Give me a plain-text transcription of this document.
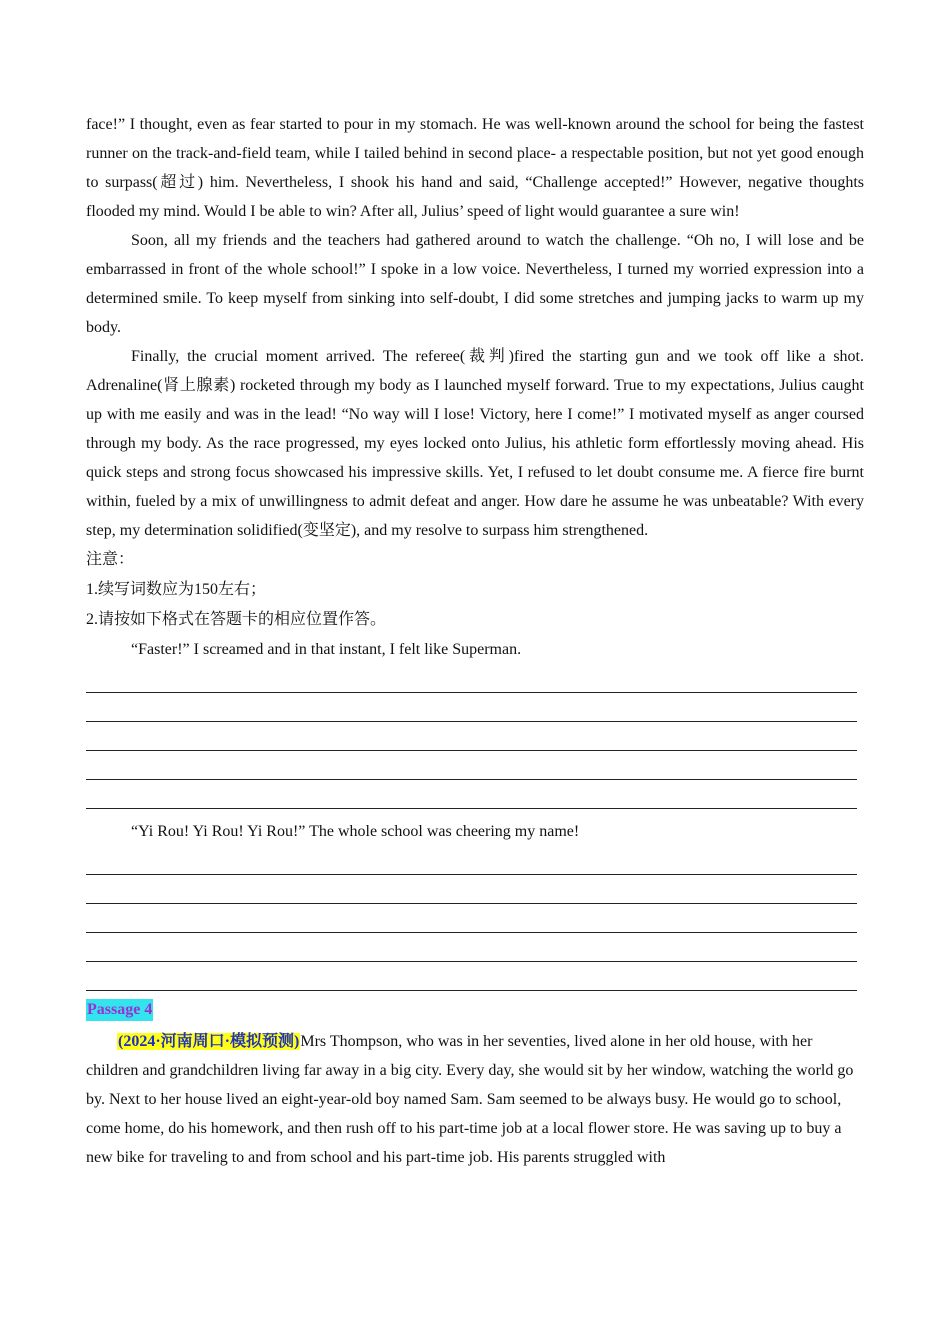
face!” I thought, even as fear started to pour in my stomach. He was well-known around the school for being the fastest runner on the track-and-field team, while I tailed behind in second place- a respectable position, but not yet good enough to surpass(超过) him. Nevertheless, I shook his hand and said, “Challenge accepted!” However, negative thoughts flooded my mind. Would I be able to win? After all, Julius’ speed of light would guarantee a sure win!

Soon, all my friends and the teachers had gathered around to watch the challenge. “Oh no, I will lose and be embarrassed in front of the whole school!” I spoke in a low voice. Nevertheless, I turned my worried expression into a determined smile. To keep myself from sinking into self-doubt, I did some stretches and jumping jacks to warm up my body.

Finally, the crucial moment arrived. The referee(裁判)fired the starting gun and we took off like a shot. Adrenaline(肾上腺素) rocketed through my body as I launched myself forward. True to my expectations, Julius caught up with me easily and was in the lead! “No way will I lose! Victory, here I come!” I motivated myself as anger coursed through my body. As the race progressed, my eyes locked onto Julius, his athletic form effortlessly moving ahead. His quick steps and strong focus showcased his impressive skills. Yet, I refused to let doubt consume me. A fierce fire burnt within, fueled by a mix of unwillingness to admit defeat and anger. How dare he assume he was unbeatable? With every step, my determination solidified(变坚定), and my resolve to surpass him strengthened.

注意：

1.续写词数应为150左右；

2.请按如下格式在答题卡的相应位置作答。

“Faster!” I screamed and in that instant, I felt like Superman.

“Yi Rou! Yi Rou! Yi Rou!” The whole school was cheering my name!

Passage 4

(2024·河南周口·模拟预测)Mrs Thompson, who was in her seventies, lived alone in her old house, with her children and grandchildren living far away in a big city. Every day, she would sit by her window, watching the world go by. Next to her house lived an eight-year-old boy named Sam. Sam seemed to be always busy. He would go to school, come home, do his homework, and then rush off to his part-time job at a local flower store. He was saving up to buy a new bike for traveling to and from school and his part-time job. His parents struggled with
